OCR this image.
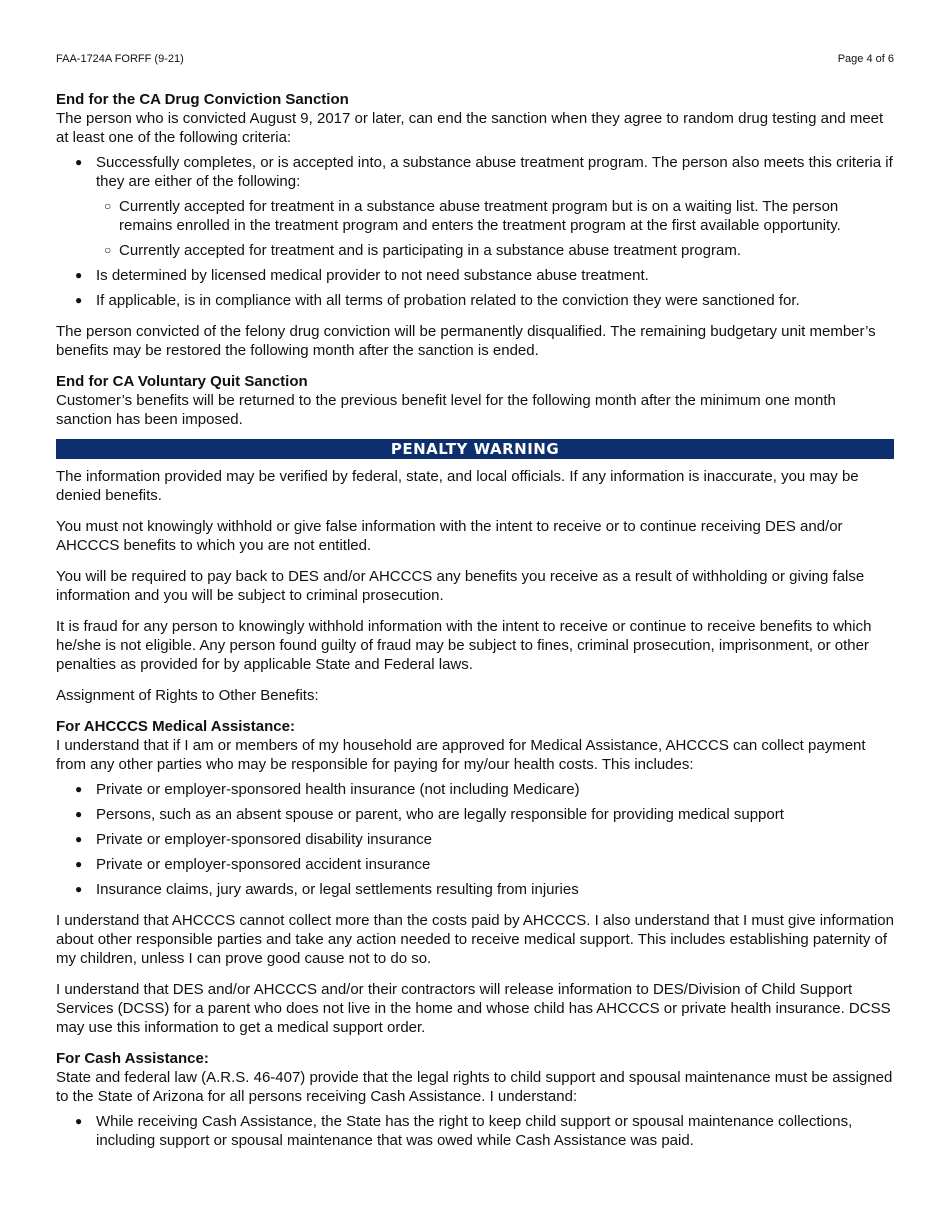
FAA-1724A FORFF (9-21)	Page 4 of 6
End for the CA Drug Conviction Sanction

The person who is convicted August 9, 2017 or later, can end the sanction when they agree to random drug testing and meet at least one of the following criteria:

● Successfully completes, or is accepted into, a substance abuse treatment program. The person also meets this criteria if they are either of the following:
○ Currently accepted for treatment in a substance abuse treatment program but is on a waiting list. The person remains enrolled in the treatment program and enters the treatment program at the first available opportunity.
○ Currently accepted for treatment and is participating in a substance abuse treatment program.
● Is determined by licensed medical provider to not need substance abuse treatment.
● If applicable, is in compliance with all terms of probation related to the conviction they were sanctioned for.

The person convicted of the felony drug conviction will be permanently disqualified. The remaining budgetary unit member’s benefits may be restored the following month after the sanction is ended.

End for CA Voluntary Quit Sanction

Customer’s benefits will be returned to the previous benefit level for the following month after the minimum one month sanction has been imposed.

PENALTY WARNING

The information provided may be verified by federal, state, and local officials. If any information is inaccurate, you may be denied benefits.

You must not knowingly withhold or give false information with the intent to receive or to continue receiving DES and/or AHCCCS benefits to which you are not entitled.

You will be required to pay back to DES and/or AHCCCS any benefits you receive as a result of withholding or giving false information and you will be subject to criminal prosecution.

It is fraud for any person to knowingly withhold information with the intent to receive or continue to receive benefits to which he/she is not eligible. Any person found guilty of fraud may be subject to fines, criminal prosecution, imprisonment, or other penalties as provided for by applicable State and Federal laws.

Assignment of Rights to Other Benefits:

For AHCCCS Medical Assistance:

I understand that if I am or members of my household are approved for Medical Assistance, AHCCCS can collect payment from any other parties who may be responsible for paying for my/our health costs. This includes:

● Private or employer-sponsored health insurance (not including Medicare)
● Persons, such as an absent spouse or parent, who are legally responsible for providing medical support
● Private or employer-sponsored disability insurance
● Private or employer-sponsored accident insurance
● Insurance claims, jury awards, or legal settlements resulting from injuries

I understand that AHCCCS cannot collect more than the costs paid by AHCCCS. I also understand that I must give information about other responsible parties and take any action needed to receive medical support. This includes establishing paternity of my children, unless I can prove good cause not to do so.

I understand that DES and/or AHCCCS and/or their contractors will release information to DES/Division of Child Support Services (DCSS) for a parent who does not live in the home and whose child has AHCCCS or private health insurance. DCSS may use this information to get a medical support order.

For Cash Assistance:

State and federal law (A.R.S. 46-407) provide that the legal rights to child support and spousal maintenance must be assigned to the State of Arizona for all persons receiving Cash Assistance. I understand:

● While receiving Cash Assistance, the State has the right to keep child support or spousal maintenance collections, including support or spousal maintenance that was owed while Cash Assistance was paid.
